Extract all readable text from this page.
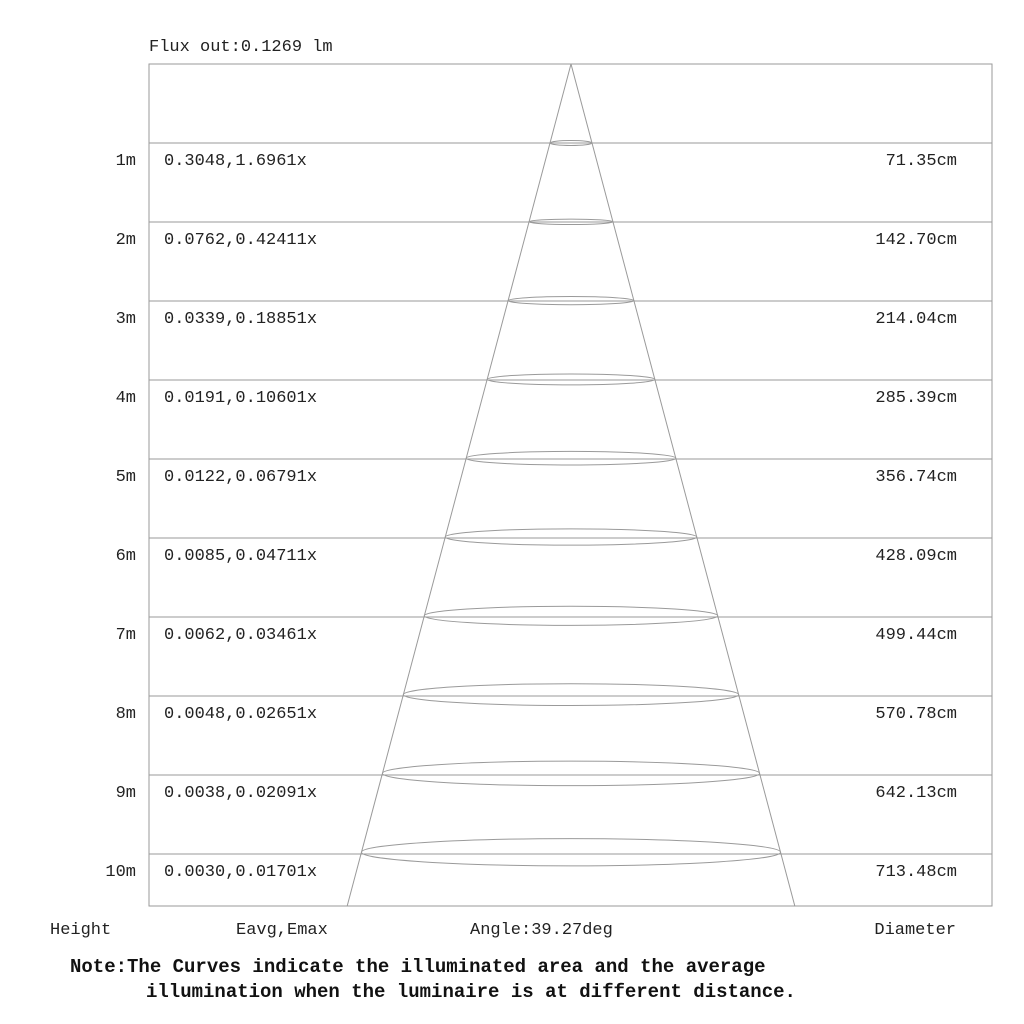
1m 0.3048,1.6961x	71.35cm
2m 0.0762,0.42411x	142.70cm
3m 0.0339,0.18851x	214.04cm
4m 0.0191,0.10601x	285.39cm
5m 0.0122,0.06791x	356.74cm
6m 0.0085,0.04711x	428.09cm
7m 0.0062,0.03461x	499.44cm
8m 0.0048,0.02651x	570.78cm
9m 0.0038,0.02091x	642.13cm
10m 0.0030,0.01701x	713.48cm
Flux out:0.1269 lm
Height	Eavg,Emax	Angle:39.27deg	Diameter
Note:The Curves indicate the illuminated area and the average
illumination when the luminaire is at different distance.
